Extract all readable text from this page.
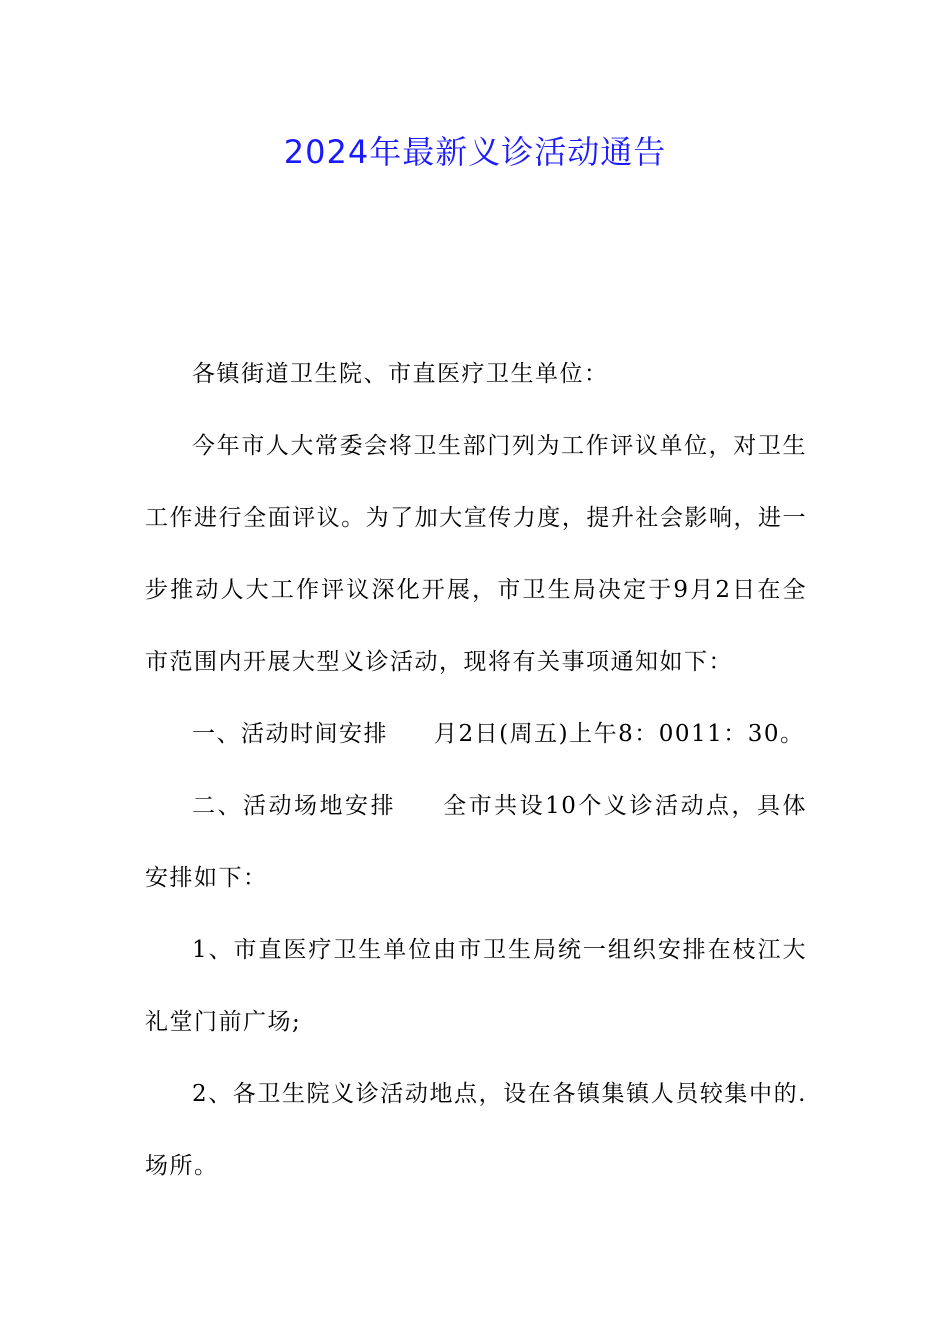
2024年最新义诊活动通告

各镇街道卫生院、市直医疗卫生单位：

今年市人大常委会将卫生部门列为工作评议单位，对卫生工作进行全面评议。为了加大宣传力度，提升社会影响，进一步推动人大工作评议深化开展，市卫生局决定于9月2日在全市范围内开展大型义诊活动，现将有关事项通知如下：

一、活动时间安排 月2日(周五)上午8：0011：30。

二、活动场地安排 全市共设10个义诊活动点，具体安排如下：

1、市直医疗卫生单位由市卫生局统一组织安排在枝江大礼堂门前广场;

2、各卫生院义诊活动地点，设在各镇集镇人员较集中的.场所。
